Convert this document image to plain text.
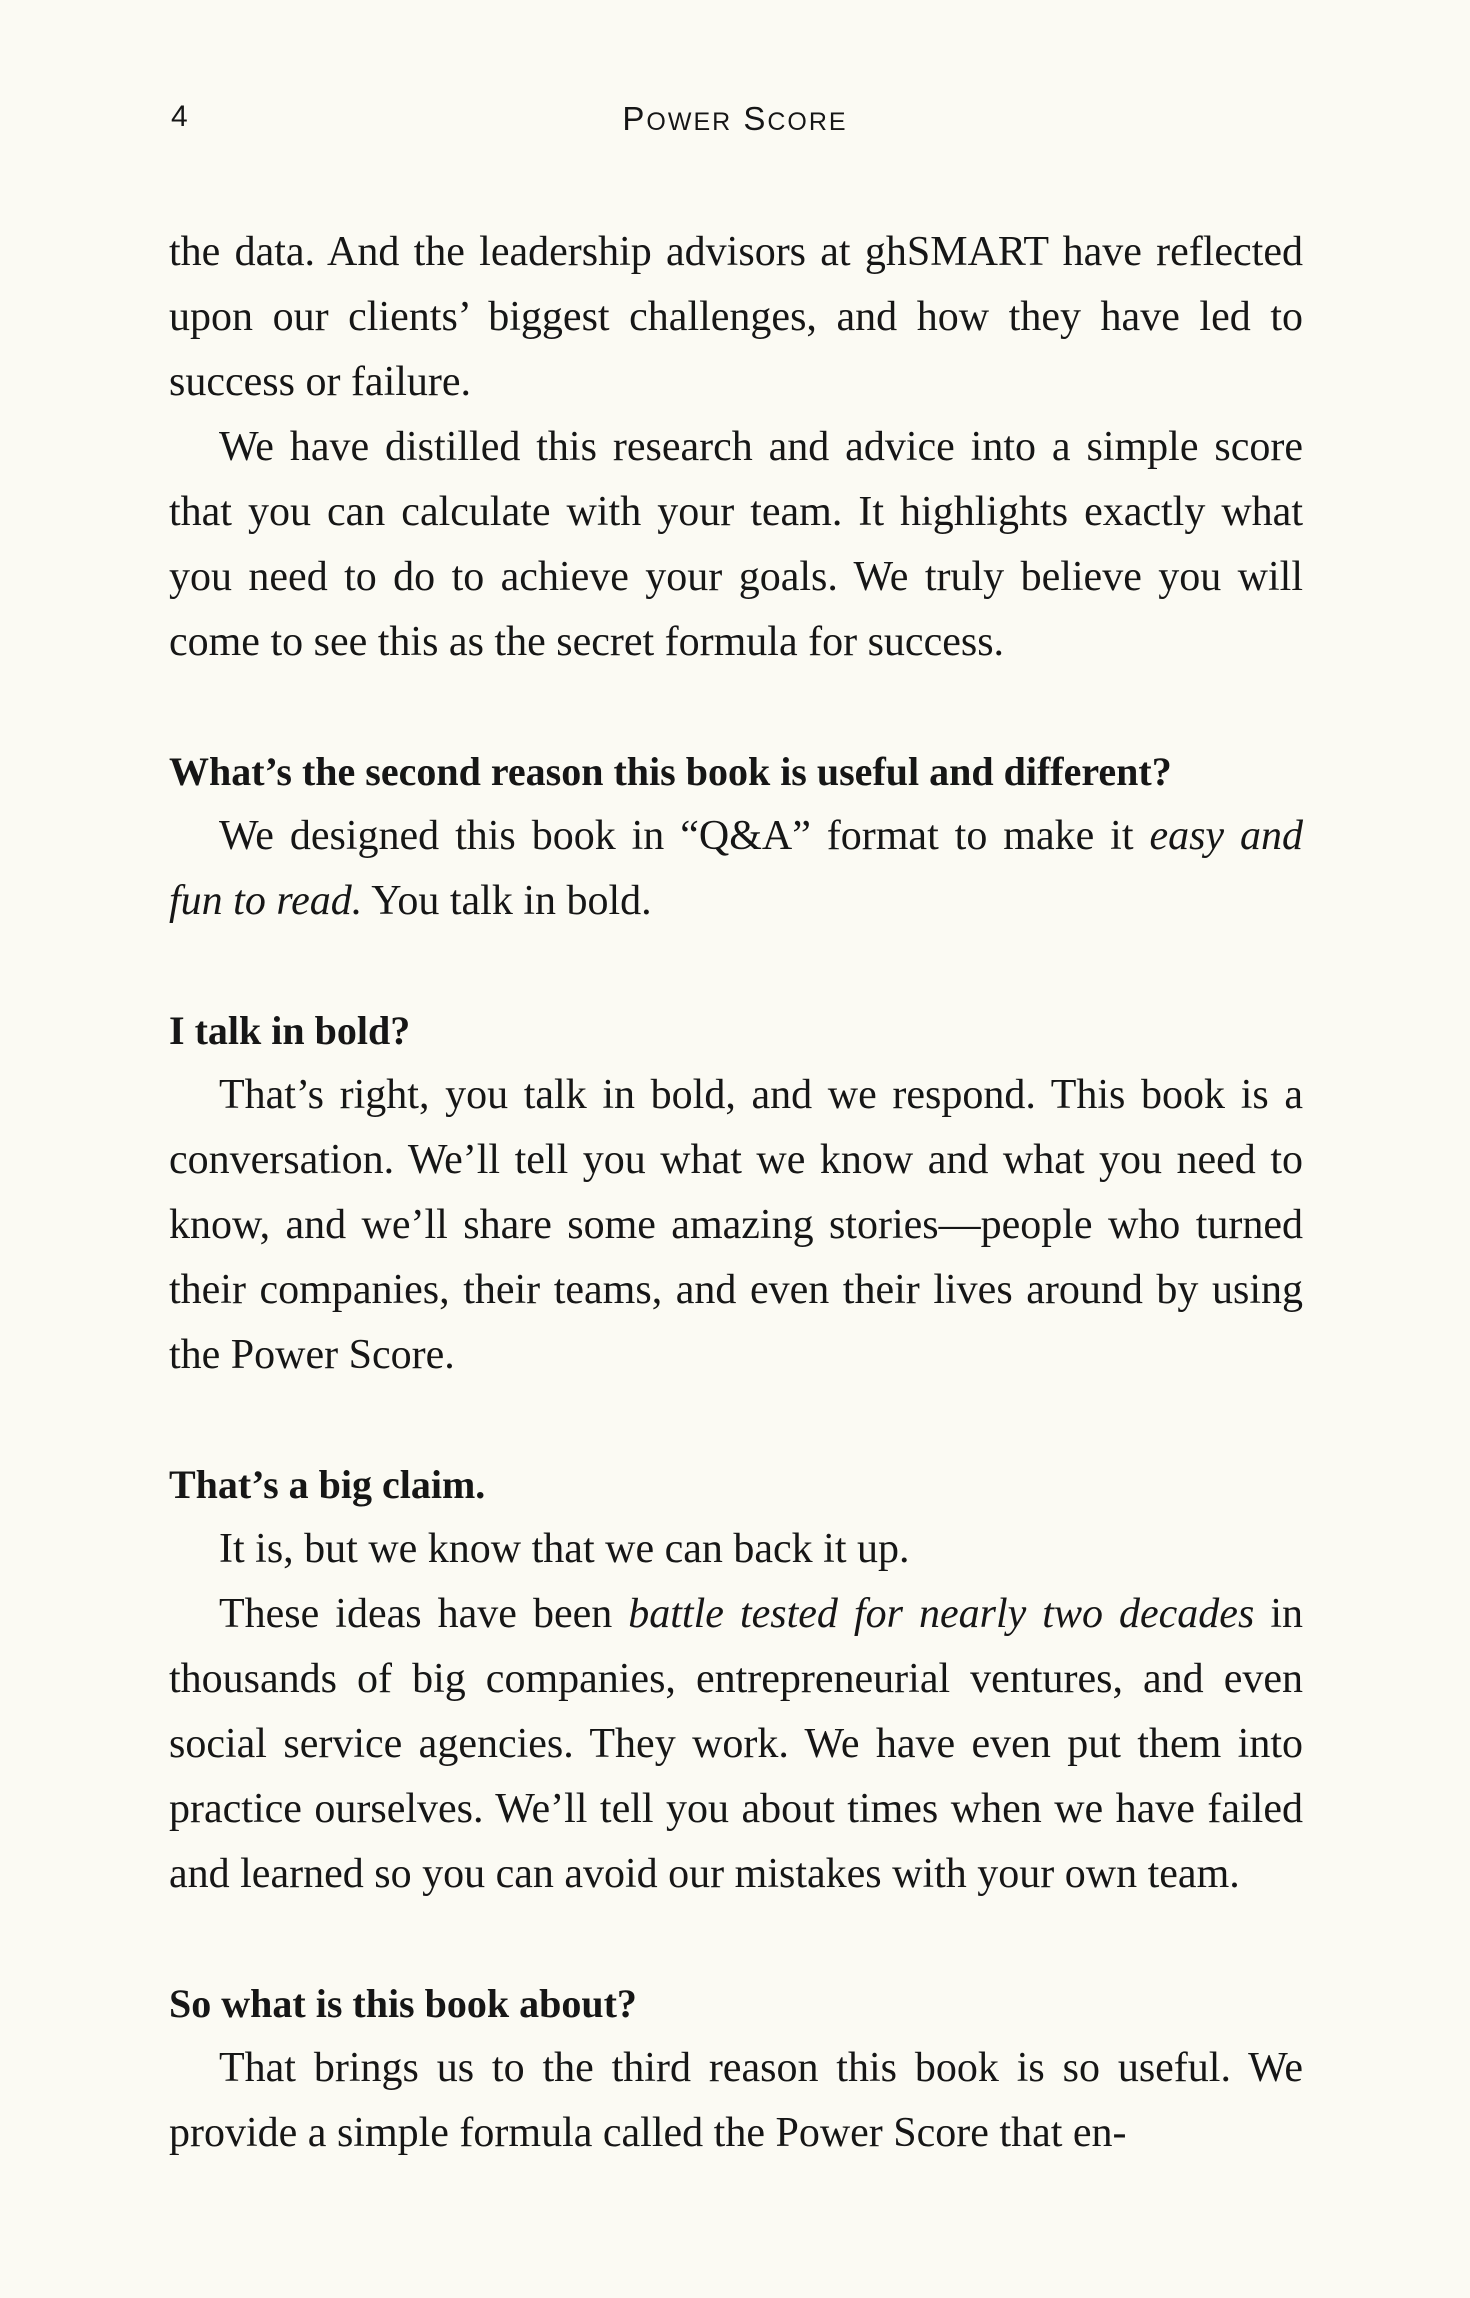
4	POWER SCORE

the data. And the leadership advisors at ghSMART have reflected upon our clients’ biggest challenges, and how they have led to success or failure.

We have distilled this research and advice into a simple score that you can calculate with your team. It highlights exactly what you need to do to achieve your goals. We truly believe you will come to see this as the secret formula for success.

What’s the second reason this book is useful and different?

We designed this book in “Q&A” format to make it easy and fun to read. You talk in bold.

I talk in bold?

That’s right, you talk in bold, and we respond. This book is a conversation. We’ll tell you what we know and what you need to know, and we’ll share some amazing stories—people who turned their companies, their teams, and even their lives around by using the Power Score.

That’s a big claim.

It is, but we know that we can back it up.

These ideas have been battle tested for nearly two decades in thousands of big companies, entrepreneurial ventures, and even social service agencies. They work. We have even put them into practice ourselves. We’ll tell you about times when we have failed and learned so you can avoid our mistakes with your own team.

So what is this book about?

That brings us to the third reason this book is so useful. We provide a simple formula called the Power Score that en-
